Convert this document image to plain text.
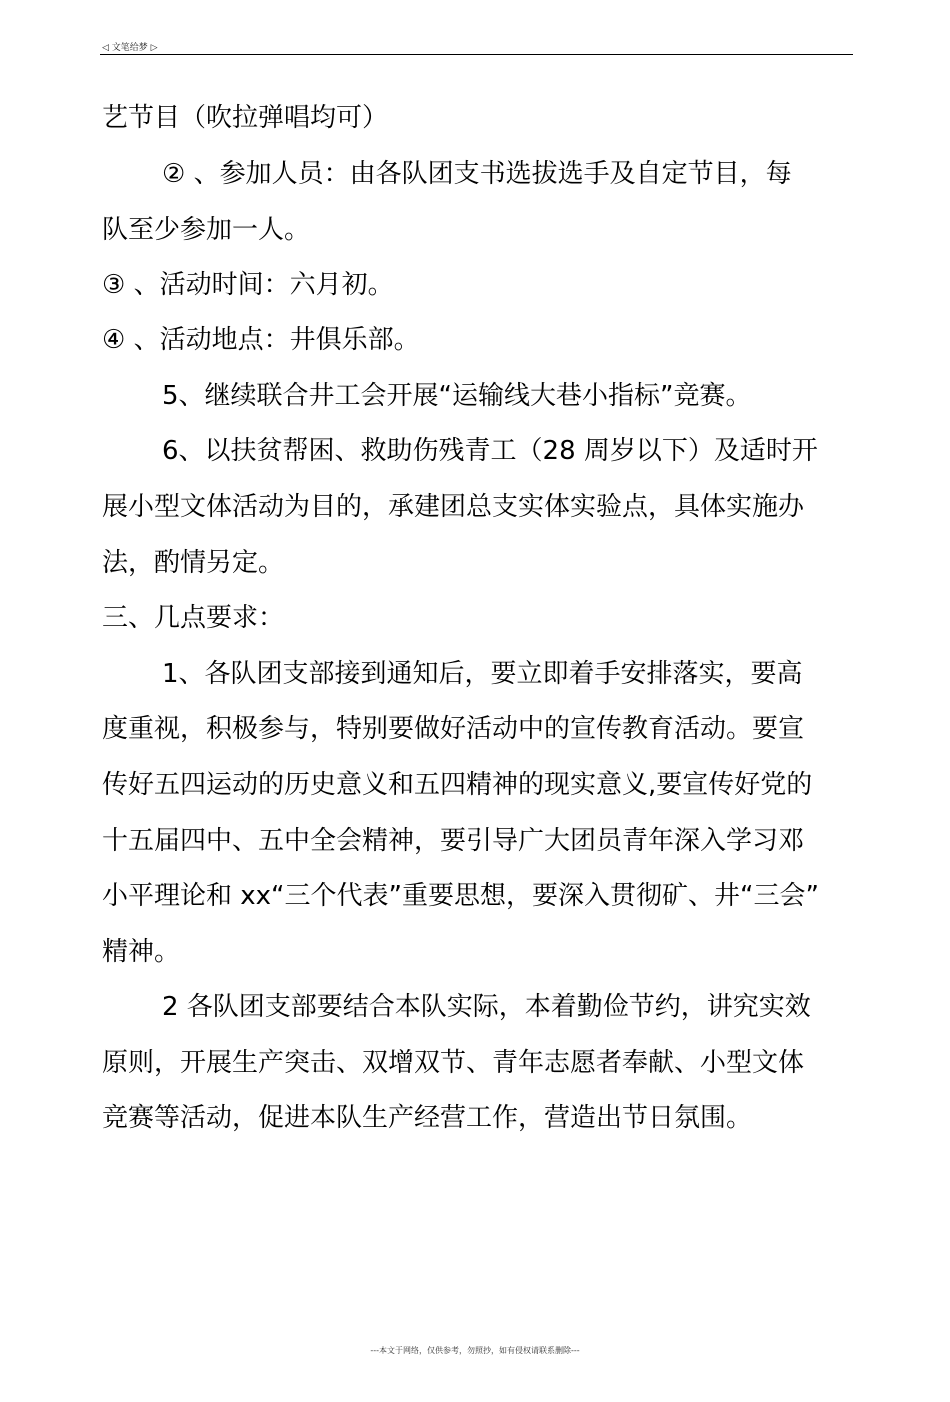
◁ 文笔给梦 ▷
艺节目（吹拉弹唱均可）
② 、参加人员：由各队团支书选拔选手及自定节目，每
队至少参加一人。
③ 、活动时间：六月初。
④ 、活动地点：井俱乐部。
5、继续联合井工会开展“运输线大巷小指标”竞赛。
6、以扶贫帮困、救助伤残青工（28 周岁以下）及适时开
展小型文体活动为目的，承建团总支实体实验点，具体实施办
法，酌情另定。
三、几点要求：
1、各队团支部接到通知后，要立即着手安排落实，要高
度重视，积极参与，特别要做好活动中的宣传教育活动。要宣
传好五四运动的历史意义和五四精神的现实意义,要宣传好党的
十五届四中、五中全会精神，要引导广大团员青年深入学习邓
小平理论和 xx“三个代表”重要思想，要深入贯彻矿、井“三会”
精神。
2 各队团支部要结合本队实际，本着勤俭节约，讲究实效
原则，开展生产突击、双增双节、青年志愿者奉献、小型文体
竞赛等活动，促进本队生产经营工作，营造出节日氛围。
---本文于网络，仅供参考，勿照抄，如有侵权请联系删除---
